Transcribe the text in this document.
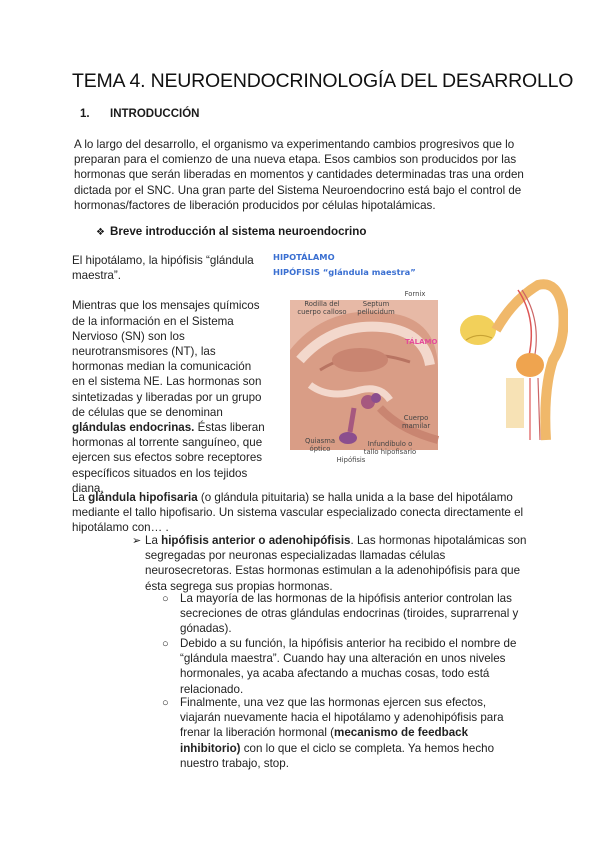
TEMA 4. NEUROENDOCRINOLOGÍA DEL DESARROLLO
1. INTRODUCCIÓN
A lo largo del desarrollo, el organismo va experimentando cambios progresivos que lo preparan para el comienzo de una nueva etapa. Esos cambios son producidos por las hormonas que serán liberadas en momentos y cantidades determinadas tras una orden dictada por el SNC. Una gran parte del Sistema Neuroendocrino está bajo el control de hormonas/factores de liberación producidos por células hipotalámicas.
❖ Breve introducción al sistema neuroendocrino

El hipotálamo, la hipófisis “glándula maestra”.

Mientras que los mensajes químicos de la información en el Sistema Nervioso (SN) son los neurotransmisores (NT), las hormonas median la comunicación en el sistema NE. Las hormonas son sintetizadas y liberadas por un grupo de células que se denominan glándulas endocrinas. Éstas liberan hormonas al torrente sanguíneo, que ejercen sus efectos sobre receptores específicos situados en los tejidos diana.

HIPOTÁLAMO
HIPÓFISIS “glándula maestra”
Rodilla del cuerpo calloso
Septum pellucidum
Fornix
TÁLAMO
Cuerpo mamilar
Quiasma óptico
Infundíbulo o tallo hipofisario
Hipófisis
La glándula hipofisaria (o glándula pituitaria) se halla unida a la base del hipotálamo mediante el tallo hipofisario. Un sistema vascular especializado conecta directamente el hipotálamo con… .
➢ La hipófisis anterior o adenohipófisis. Las hormonas hipotalámicas son segregadas por neuronas especializadas llamadas células neurosecretoras. Estas hormonas estimulan a la adenohipófisis para que ésta segrega sus propias hormonas.
○ La mayoría de las hormonas de la hipófisis anterior controlan las secreciones de otras glándulas endocrinas (tiroides, suprarrenal y gónadas).
○ Debido a su función, la hipófisis anterior ha recibido el nombre de “glándula maestra”. Cuando hay una alteración en unos niveles hormonales, ya acaba afectando a muchas cosas, todo está relacionado.
○ Finalmente, una vez que las hormonas ejercen sus efectos, viajarán nuevamente hacia el hipotálamo y adenohipófisis para frenar la liberación hormonal (mecanismo de feedback inhibitorio) con lo que el ciclo se completa. Ya hemos hecho nuestro trabajo, stop.
